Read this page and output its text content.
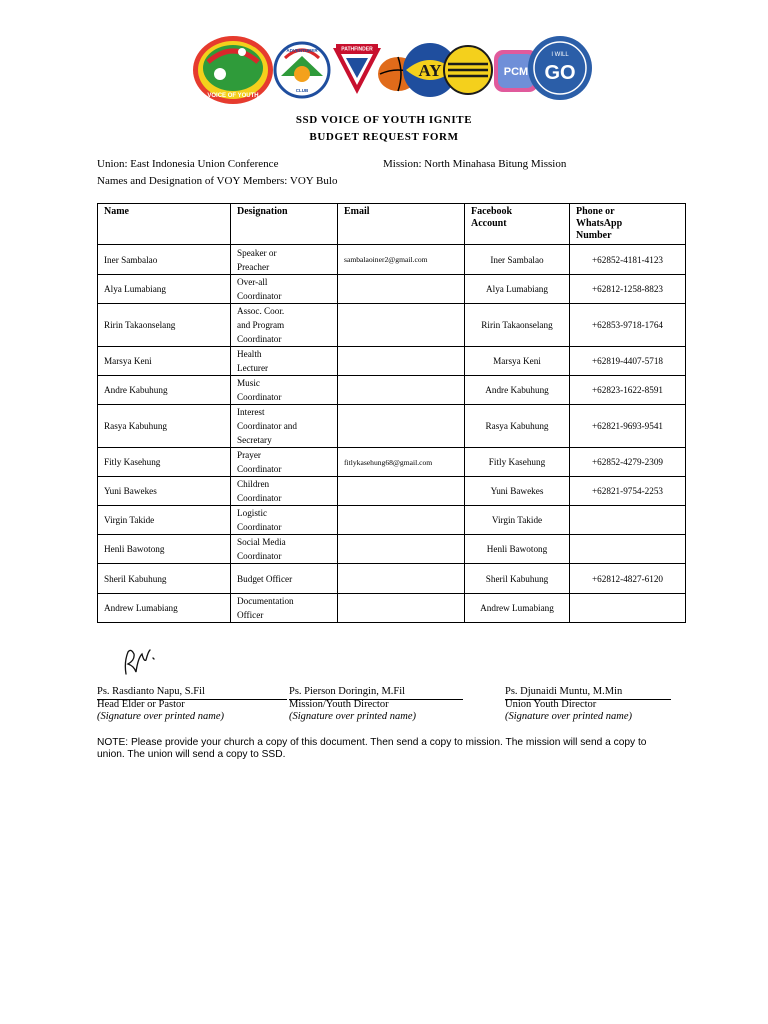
VOICE OF YOUTH
ADVENTURER
CLUB
PATHFINDER
AY	PCM
I WILL
GO
SSD VOICE OF YOUTH IGNITE
BUDGET REQUEST FORM
Union: East Indonesia Union Conference	Mission: North Minahasa Bitung Mission
Names and Designation of VOY Members: VOY Bulo
Name	Designation	Email	Facebook
Account	Phone or
WhatsApp
Number
Iner Sambalao	Speaker or
Preacher	sambalaoiner2@gmail.com	Iner Sambalao	+62852-4181-4123
Alya Lumabiang	Over-all
Coordinator		Alya Lumabiang	+62812-1258-8823
Ririn Takaonselang	Assoc. Coor.
and Program
Coordinator		Ririn Takaonselang	+62853-9718-1764
Marsya Keni	Health
Lecturer		Marsya Keni	+62819-4407-5718
Andre Kabuhung	Music
Coordinator		Andre Kabuhung	+62823-1622-8591
Rasya Kabuhung	Interest
Coordinator and
Secretary		Rasya Kabuhung	+62821-9693-9541
Fitly Kasehung	Prayer
Coordinator	fitlykasehung68@gmail.com	Fitly Kasehung	+62852-4279-2309
Yuni Bawekes	Children
Coordinator		Yuni Bawekes	+62821-9754-2253
Virgin Takide	Logistic
Coordinator		Virgin Takide	
Henli Bawotong	Social Media
Coordinator		Henli Bawotong	
Sheril Kabuhung	Budget Officer		Sheril Kabuhung	+62812-4827-6120
Andrew Lumabiang	Documentation
Officer		Andrew Lumabiang	
Ps. Rasdianto Napu, S.Fil
Head Elder or Pastor
(Signature over printed name)
Ps. Pierson Doringin, M.Fil
Mission/Youth Director
(Signature over printed name)
Ps. Djunaidi Muntu, M.Min
Union Youth Director
(Signature over printed name)
NOTE: Please provide your church a copy of this document. Then send a copy to mission. The mission will send a copy to union. The union will send a copy to SSD.
